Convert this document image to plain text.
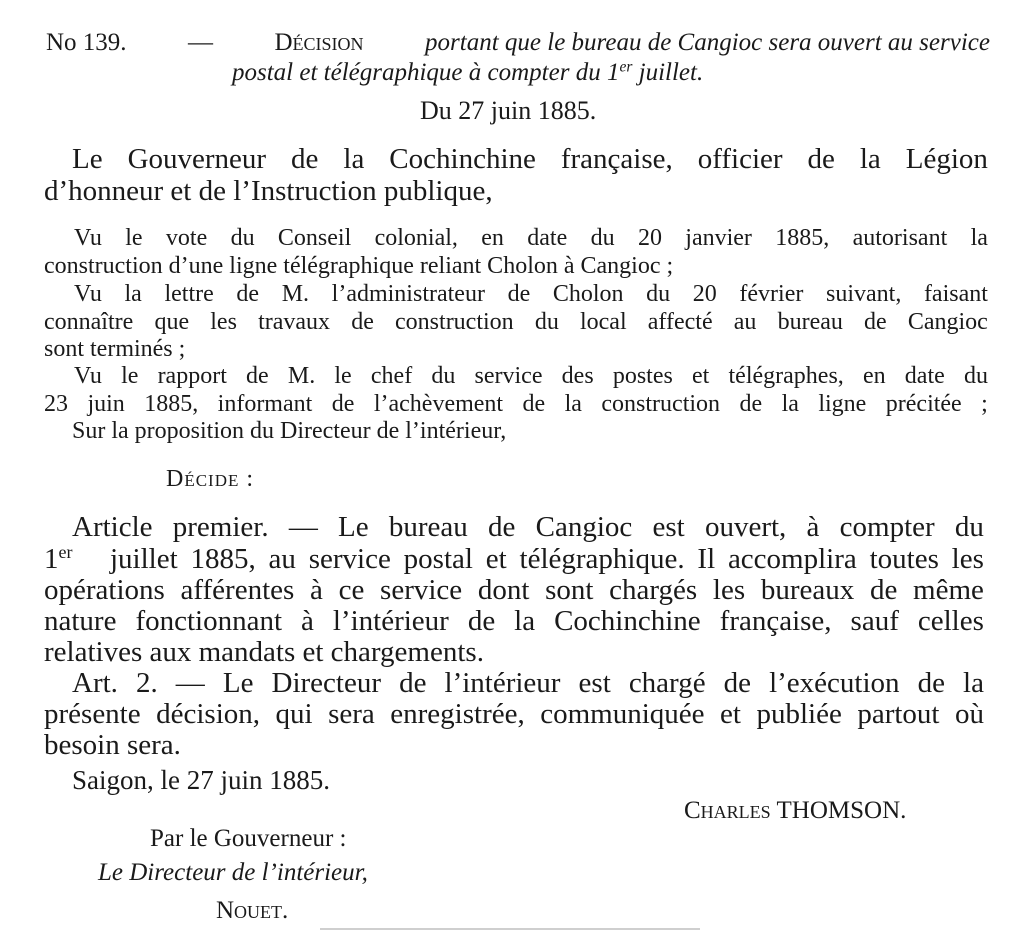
No 139. — Décision portant que le bureau de Cangioc sera ouvert au service
postal et télégraphique à compter du 1er juillet.
Du 27 juin 1885.
Le Gouverneur de la Cochinchine française, officier de la Légion
d’honneur et de l’Instruction publique,
Vu le vote du Conseil colonial, en date du 20 janvier 1885, autorisant la
construction d’une ligne télégraphique reliant Cholon à Cangioc ;
Vu la lettre de M. l’administrateur de Cholon du 20 février suivant, faisant
connaître que les travaux de construction du local affecté au bureau de Cangioc
sont terminés ;
Vu le rapport de M. le chef du service des postes et télégraphes, en date du
23 juin 1885, informant de l’achèvement de la construction de la ligne précitée ;
Sur la proposition du Directeur de l’intérieur,
Décide :
Article premier. — Le bureau de Cangioc est ouvert, à compter du
1er juillet 1885, au service postal et télégraphique. Il accomplira toutes les
opérations afférentes à ce service dont sont chargés les bureaux de même
nature fonctionnant à l’intérieur de la Cochinchine française, sauf celles
relatives aux mandats et chargements.
Art. 2. — Le Directeur de l’intérieur est chargé de l’exécution de la
présente décision, qui sera enregistrée, communiquée et publiée partout où
besoin sera.
Saigon, le 27 juin 1885.
Charles THOMSON.
Par le Gouverneur :
Le Directeur de l’intérieur,
Nouet.
